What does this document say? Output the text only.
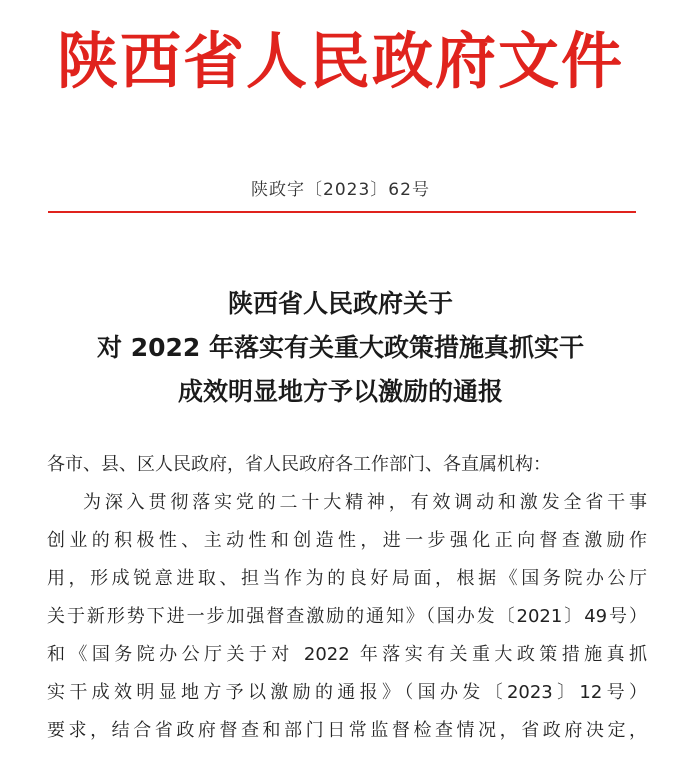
陕西省人民政府文件
陕政字〔2023〕62号
陕西省人民政府关于
对 2022 年落实有关重大政策措施真抓实干
成效明显地方予以激励的通报
各市、县、区人民政府，省人民政府各工作部门、各直属机构：
为深入贯彻落实党的二十大精神，有效调动和激发全省干事
创业的积极性、主动性和创造性，进一步强化正向督查激励作
用，形成锐意进取、担当作为的良好局面，根据《国务院办公厅
关于新形势下进一步加强督查激励的通知》（国办发〔2021〕49号）
和《国务院办公厅关于对 2022 年落实有关重大政策措施真抓
实干成效明显地方予以激励的通报》（国办发〔2023〕12号）
要求，结合省政府督查和部门日常监督检查情况，省政府决定，
